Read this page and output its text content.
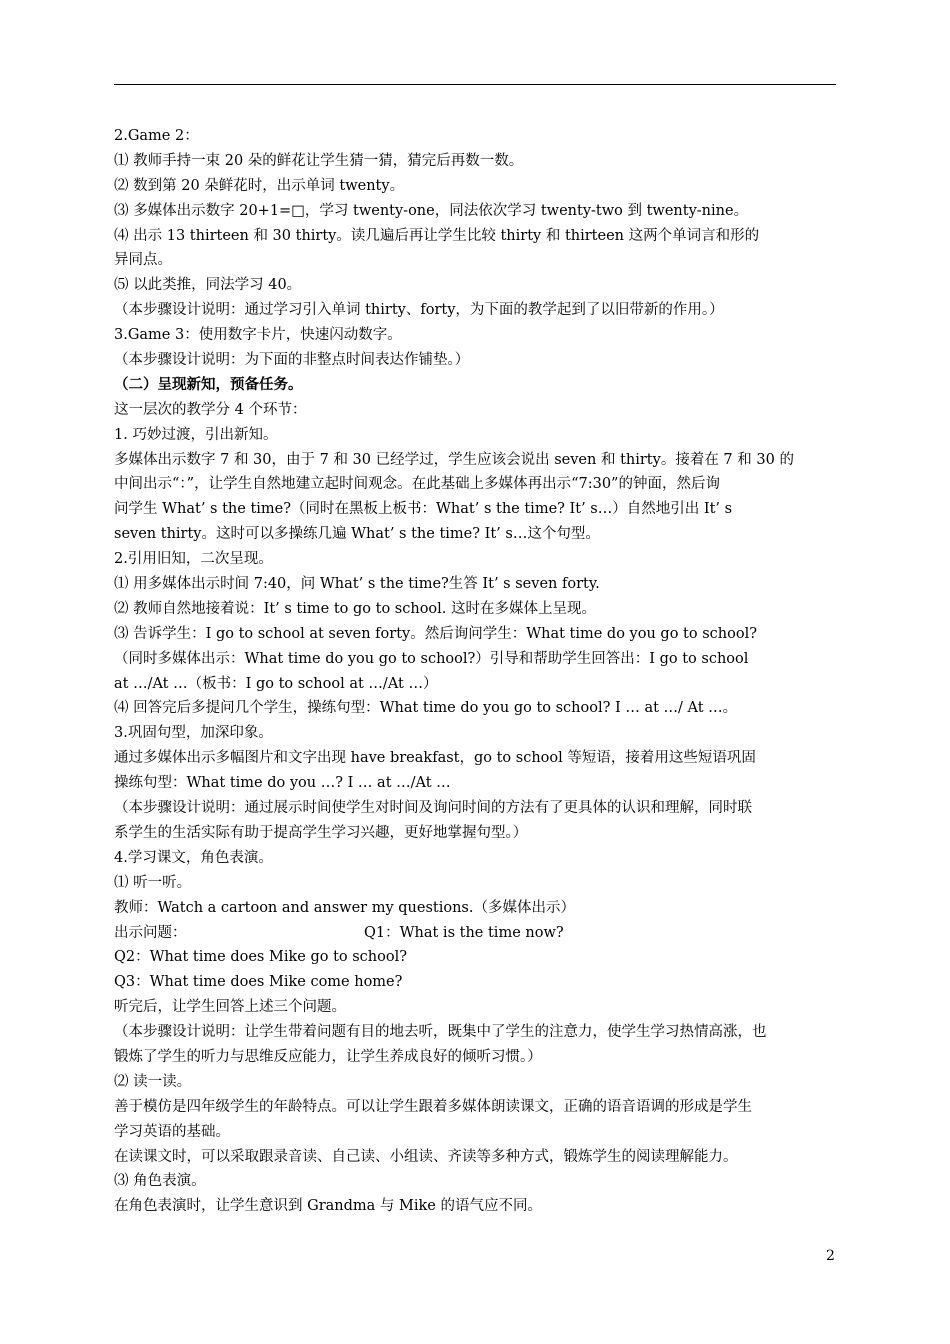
2.Game 2：
⑴ 教师手持一束 20 朵的鲜花让学生猜一猜，猜完后再数一数。
⑵ 数到第 20 朵鲜花时，出示单词 twenty。
⑶ 多媒体出示数字 20+1=□，学习 twenty-one，同法依次学习 twenty-two 到 twenty-nine。
⑷ 出示 13 thirteen 和 30 thirty。读几遍后再让学生比较 thirty 和 thirteen 这两个单词言和形的
异同点。
⑸ 以此类推，同法学习 40。
（本步骤设计说明：通过学习引入单词 thirty、forty，为下面的教学起到了以旧带新的作用。）
3.Game 3：使用数字卡片，快速闪动数字。
（本步骤设计说明：为下面的非整点时间表达作铺垫。）
（二）呈现新知，预备任务。
这一层次的教学分 4 个环节：
1. 巧妙过渡，引出新知。
多媒体出示数字 7 和 30，由于 7 和 30 已经学过，学生应该会说出 seven 和 thirty。接着在 7 和 30 的
中间出示“：”，让学生自然地建立起时间观念。在此基础上多媒体再出示“7:30”的钟面，然后询
问学生 What’ s the time?（同时在黑板上板书：What’ s the time? It’ s…）自然地引出 It’ s
seven thirty。这时可以多操练几遍 What’ s the time? It’ s…这个句型。
2.引用旧知，二次呈现。
⑴ 用多媒体出示时间 7:40，问 What’ s the time?生答 It’ s seven forty.
⑵ 教师自然地接着说：It’ s time to go to school. 这时在多媒体上呈现。
⑶ 告诉学生：I go to school at seven forty。然后询问学生：What time do you go to school?
（同时多媒体出示：What time do you go to school?）引导和帮助学生回答出：I go to school
at …/At …（板书：I go to school at …/At …）
⑷ 回答完后多提问几个学生，操练句型：What time do you go to school? I … at …/ At …。
3.巩固句型，加深印象。
通过多媒体出示多幅图片和文字出现 have breakfast，go to school 等短语，接着用这些短语巩固
操练句型：What time do you …? I … at …/At …
（本步骤设计说明：通过展示时间使学生对时间及询问时间的方法有了更具体的认识和理解，同时联
系学生的生活实际有助于提高学生学习兴趣，更好地掌握句型。）
4.学习课文，角色表演。
⑴ 听一听。
教师：Watch a cartoon and answer my questions.（多媒体出示）
出示问题：	Q1：What is the time now?
Q2：What time does Mike go to school?
Q3：What time does Mike come home?
听完后，让学生回答上述三个问题。
（本步骤设计说明：让学生带着问题有目的地去听，既集中了学生的注意力，使学生学习热情高涨，也
锻炼了学生的听力与思维反应能力，让学生养成良好的倾听习惯。）
⑵ 读一读。
善于模仿是四年级学生的年龄特点。可以让学生跟着多媒体朗读课文，正确的语音语调的形成是学生
学习英语的基础。
在读课文时，可以采取跟录音读、自己读、小组读、齐读等多种方式，锻炼学生的阅读理解能力。
⑶ 角色表演。
在角色表演时，让学生意识到 Grandma 与 Mike 的语气应不同。
2
